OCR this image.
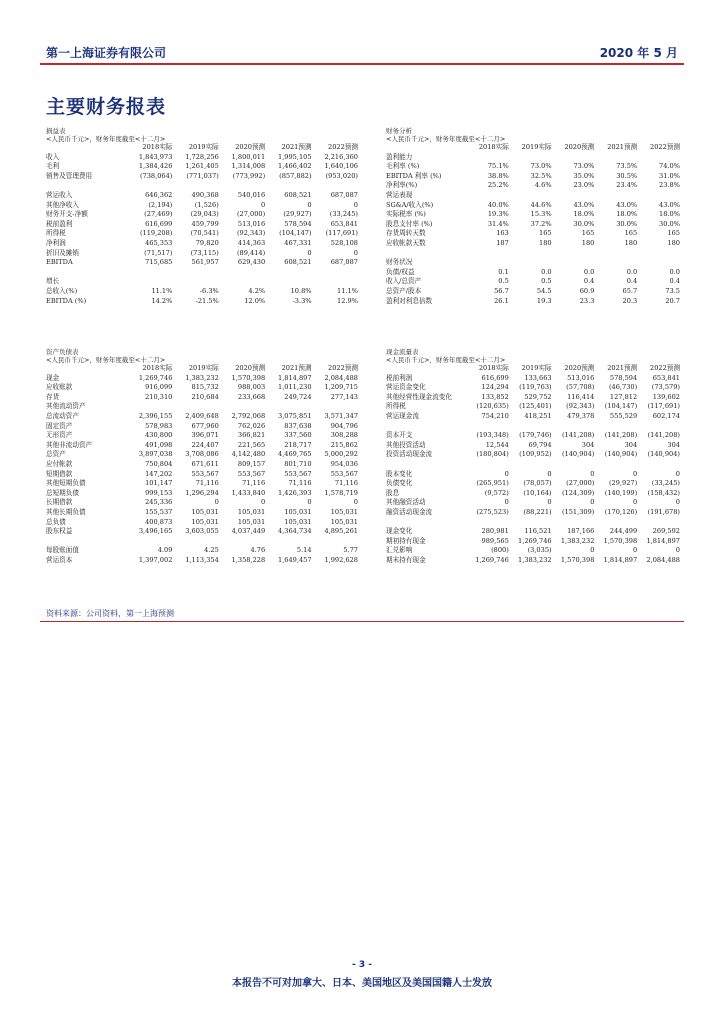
第一上海证券有限公司	2020 年 5 月
主要财务报表
损益表
<人民币千元>，财务年度截至<十二月>
	2018实际	2019实际	2020预测	2021预测	2022预测
收入	1,843,973	1,728,256	1,800,011	1,995,105	2,216,360
毛利	1,384,426	1,261,405	1,314,008	1,466,402	1,640,106
销售及管理费用	(738,064)	(771,037)	(773,992)	(857,882)	(953,020)

营运收入	646,362	490,368	540,016	608,521	687,087
其他净收入	(2,194)	(1,526)	0	0	0
财务开支-净额	(27,469)	(29,043)	(27,000)	(29,927)	(33,245)
税前盈利	616,699	459,799	513,016	578,594	653,841
所得税	(119,208)	(70,541)	(92,343)	(104,147)	(117,691)
净利润	465,353	79,820	414,363	467,331	528,108
折旧及摊销	(71,517)	(73,115)	(89,414)	0	0
EBITDA	715,685	561,957	629,430	608,521	687,087

增长					
总收入(%)	11.1%	-6.3%	4.2%	10.8%	11.1%
EBITDA (%)	14.2%	-21.5%	12.0%	-3.3%	12.9%
财务分析
<人民币千元>，财务年度截至<十二月>
	2018实际	2019实际	2020预测	2021预测	2022预测
盈利能力					
毛利率 (%)	75.1%	73.0%	73.0%	73.5%	74.0%
EBITDA 利率 (%)	38.8%	32.5%	35.0%	30.5%	31.0%
净利率(%)	25.2%	4.6%	23.0%	23.4%	23.8%
营运表现					
SG&A/收入(%)	40.0%	44.6%	43.0%	43.0%	43.0%
实际税率 (%)	19.3%	15.3%	18.0%	18.0%	18.0%
股息支付率 (%)	31.4%	37.2%	30.0%	30.0%	30.0%
存货周转天数	163	165	165	165	165
应收帐款天数	187	180	180	180	180

财务状况					
负债/权益	0.1	0.0	0.0	0.0	0.0
收入/总资产	0.5	0.5	0.4	0.4	0.4
总资产/股本	56.7	54.5	60.9	65.7	73.5
盈利对利息倍数	26.1	19.3	23.3	20.3	20.7
资产负债表
<人民币千元>，财务年度截至<十二月>
	2018实际	2019实际	2020预测	2021预测	2022预测
现金	1,269,746	1,383,232	1,570,398	1,814,897	2,084,488
应收账款	916,099	815,732	988,003	1,011,230	1,209,715
存货	210,310	210,684	233,668	249,724	277,143
其他流动资产					
总流动资产	2,396,155	2,409,648	2,792,068	3,075,851	3,571,347
固定资产	578,983	677,960	762,026	837,638	904,796
无形资产	430,800	396,071	366,821	337,560	308,288
其他非流动资产	491,098	224,407	221,565	218,717	215,862
总资产	3,897,038	3,708,086	4,142,480	4,469,765	5,000,292
应付帐款	750,804	671,611	809,157	801,710	954,036
短期借款	147,202	553,567	553,567	553,567	553,567
其他短期负债	101,147	71,116	71,116	71,116	71,116
总短期负债	999,153	1,296,294	1,433,840	1,426,393	1,578,719
长期借款	245,336	0	0	0	0
其他长期负债	155,537	105,031	105,031	105,031	105,031
总负债	400,873	105,031	105,031	105,031	105,031
股东权益	3,496,165	3,603,055	4,037,449	4,364,734	4,895,261

每股账面值	4.09	4.25	4.76	5.14	5.77
营运资本	1,397,002	1,113,354	1,358,228	1,649,457	1,992,628
现金流量表
<人民币千元>，财务年度截至<十二月>
	2018实际	2019实际	2020预测	2021预测	2022预测
税前利润	616,699	133,663	513,016	578,594	653,841
营运资金变化	124,294	(119,763)	(57,708)	(46,730)	(73,579)
其他经营性现金流变化	133,852	529,752	116,414	127,812	139,602
所得税	(120,635)	(125,401)	(92,343)	(104,147)	(117,691)
营运现金流	754,210	418,251	479,378	555,529	602,174

资本开支	(193,348)	(179,746)	(141,208)	(141,208)	(141,208)
其他投资活动	12,544	69,794	304	304	304
投资活动现金流	(180,804)	(109,952)	(140,904)	(140,904)	(140,904)

股本变化	0	0	0	0	0
负债变化	(265,951)	(78,057)	(27,000)	(29,927)	(33,245)
股息	(9,572)	(10,164)	(124,309)	(140,199)	(158,432)
其他融资活动	0	0	0	0	0
融资活动现金流	(275,523)	(88,221)	(151,309)	(170,126)	(191,678)

现金变化	280,981	116,521	187,166	244,499	269,592
期初持有现金	989,565	1,269,746	1,383,232	1,570,398	1,814,897
汇兑影响	(800)	(3,035)	0	0	0
期末持有现金	1,269,746	1,383,232	1,570,398	1,814,897	2,084,488
资料来源：公司资料，第一上海预测
- 3 -
本报告不可对加拿大、日本、美国地区及美国国籍人士发放
